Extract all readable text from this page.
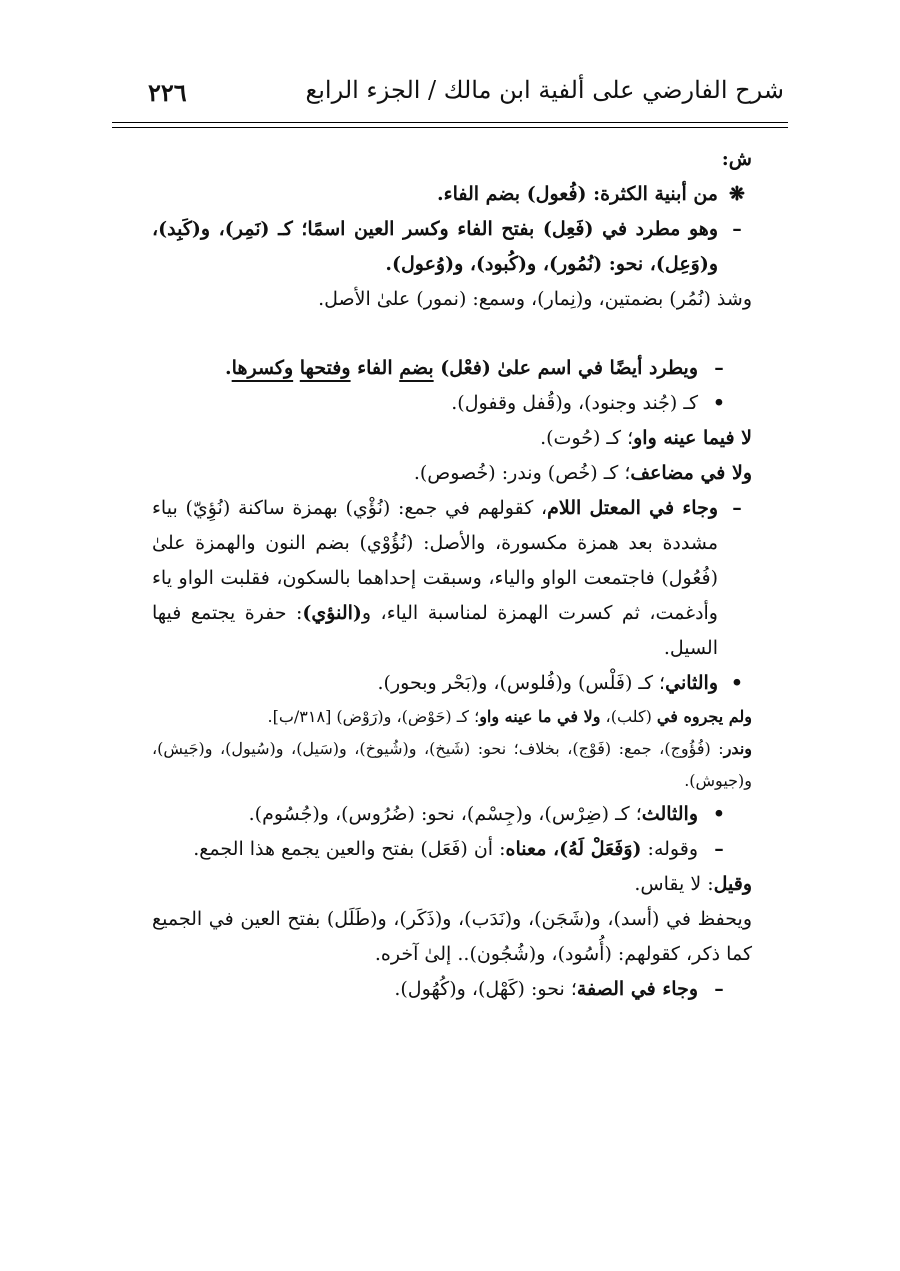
شرح الفارضي على ألفية ابن مالك / الجزء الرابع
٢٢٦

ش:

❋
من أبنية الكثرة: (فُعول) بضم الفاء.

–
وهو مطرد في (فَعِل) بفتح الفاء وكسر العين اسمًا؛ كـ (نَمِر)، و(كَبِد)، و(وَعِل)، نحو: (نُمُور)، و(كُبود)، و(وُعول).

وشذ (نُمُر) بضمتين، و(نِمار)، وسمع: (نمور) علىٰ الأصل.

–
ويطرد أيضًا في اسم علىٰ (فعْل) بضم الفاء وفتحها وكسرها.

•
كـ (جُند وجنود)، و(قُفل وقفول).

لا فيما عينه واو؛ كـ (حُوت).

ولا في مضاعف؛ كـ (خُص) وندر: (خُصوص).

–
وجاء في المعتل اللام، كقولهم في جمع: (نُؤْي) بهمزة ساكنة (نُؤِيّ) بياء مشددة بعد همزة مكسورة، والأصل: (نُؤُوْي) بضم النون والهمزة علىٰ (فُعُول) فاجتمعت الواو والياء، وسبقت إحداهما بالسكون، فقلبت الواو ياء وأدغمت، ثم كسرت الهمزة لمناسبة الياء، و(النؤي): حفرة يجتمع فيها السيل.

•
والثاني؛ كـ (فَلْس) و(فُلوس)، و(بَحْر وبحور).

ولم يجروه في (كلب)، ولا في ما عينه واو؛ كـ (حَوْض)، و(رَوْض) [٣١٨/ب].

وندر: (فُؤُوج)، جمع: (فَوْج)، بخلاف؛ نحو: (شَيخ)، و(شُيوخ)، و(سَيل)، و(سُيول)، و(جَيش)، و(جيوش).

•
والثالث؛ كـ (ضِرْس)، و(جِسْم)، نحو: (ضُرُوس)، و(جُسُوم).

–
وقوله: (وَفَعَلْ لَهُ)، معناه: أن (فَعَل) بفتح والعين يجمع هذا الجمع.

وقيل: لا يقاس.

ويحفظ في (أسد)، و(شَجَن)، و(نَدَب)، و(ذَكَر)، و(طَلَل) بفتح العين في الجميع كما ذكر، كقولهم: (أُسُود)، و(شُجُون).. إلىٰ آخره.

–
وجاء في الصفة؛ نحو: (كَهْل)، و(كُهُول).
